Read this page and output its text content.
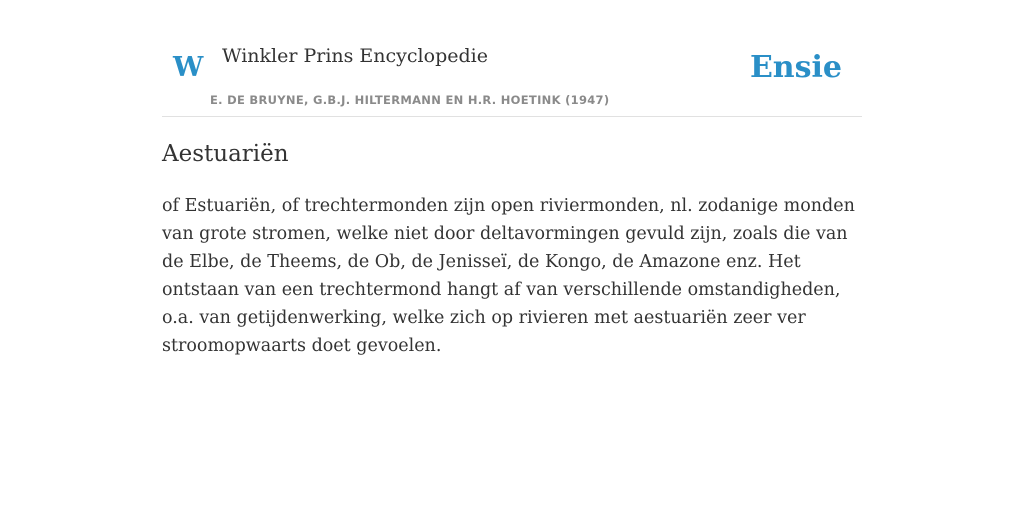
W Winkler Prins Encyclopedie
E. DE BRUYNE, G.B.J. HILTERMANN EN H.R. HOETINK (1947)
Ensie
Aestuariën

of Estuariën, of trechtermonden zijn open riviermonden, nl. zodanige monden van grote stromen, welke niet door deltavormingen gevuld zijn, zoals die van de Elbe, de Theems, de Ob, de Jenisseï, de Kongo, de Amazone enz. Het ontstaan van een trechtermond hangt af van verschillende omstandigheden, o.a. van getijdenwerking, welke zich op rivieren met aestuariën zeer ver stroomopwaarts doet gevoelen.
